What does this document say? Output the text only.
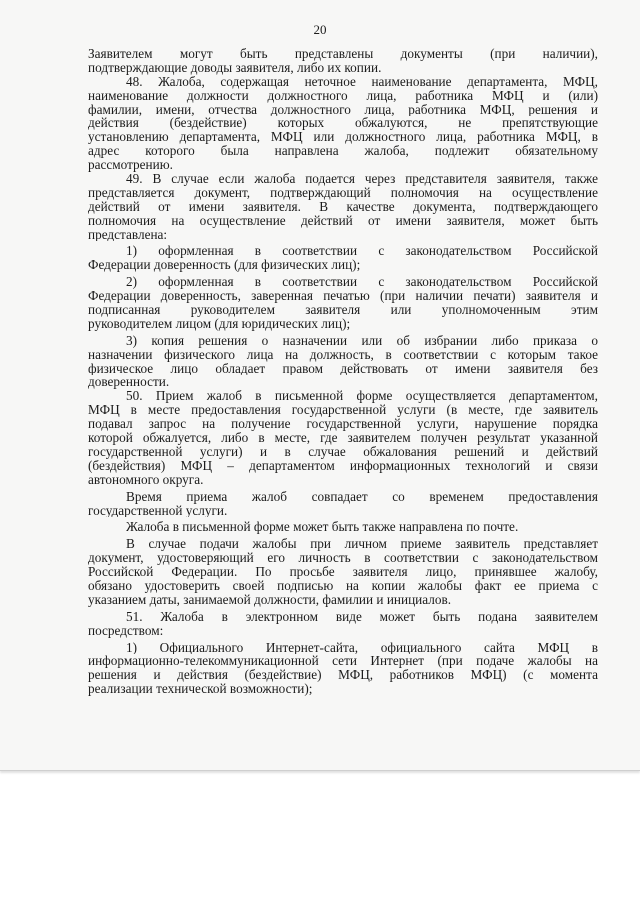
20
Заявителем могут быть представлены документы (при наличии),
подтверждающие доводы заявителя, либо их копии.
48. Жалоба, содержащая неточное наименование департамента, МФЦ,
наименование должности должностного лица, работника МФЦ и (или)
фамилии, имени, отчества должностного лица, работника МФЦ, решения и
действия (бездействие) которых обжалуются, не препятствующие
установлению департамента, МФЦ или должностного лица, работника МФЦ, в
адрес которого была направлена жалоба, подлежит обязательному
рассмотрению.
49. В случае если жалоба подается через представителя заявителя, также
представляется документ, подтверждающий полномочия на осуществление
действий от имени заявителя. В качестве документа, подтверждающего
полномочия на осуществление действий от имени заявителя, может быть
представлена:
1) оформленная в соответствии с законодательством Российской
Федерации доверенность (для физических лиц);
2) оформленная в соответствии с законодательством Российской
Федерации доверенность, заверенная печатью (при наличии печати) заявителя и
подписанная руководителем заявителя или уполномоченным этим
руководителем лицом (для юридических лиц);
3) копия решения о назначении или об избрании либо приказа о
назначении физического лица на должность, в соответствии с которым такое
физическое лицо обладает правом действовать от имени заявителя без
доверенности.
50. Прием жалоб в письменной форме осуществляется департаментом,
МФЦ в месте предоставления государственной услуги (в месте, где заявитель
подавал запрос на получение государственной услуги, нарушение порядка
которой обжалуется, либо в месте, где заявителем получен результат указанной
государственной услуги) и в случае обжалования решений и действий
(бездействия) МФЦ – департаментом информационных технологий и связи
автономного округа.
Время приема жалоб совпадает со временем предоставления
государственной услуги.
Жалоба в письменной форме может быть также направлена по почте.
В случае подачи жалобы при личном приеме заявитель представляет
документ, удостоверяющий его личность в соответствии с законодательством
Российской Федерации. По просьбе заявителя лицо, принявшее жалобу,
обязано удостоверить своей подписью на копии жалобы факт ее приема с
указанием даты, занимаемой должности, фамилии и инициалов.
51. Жалоба в электронном виде может быть подана заявителем
посредством:
1) Официального Интернет-сайта, официального сайта МФЦ в
информационно-телекоммуникационной сети Интернет (при подаче жалобы на
решения и действия (бездействие) МФЦ, работников МФЦ) (с момента
реализации технической возможности);
